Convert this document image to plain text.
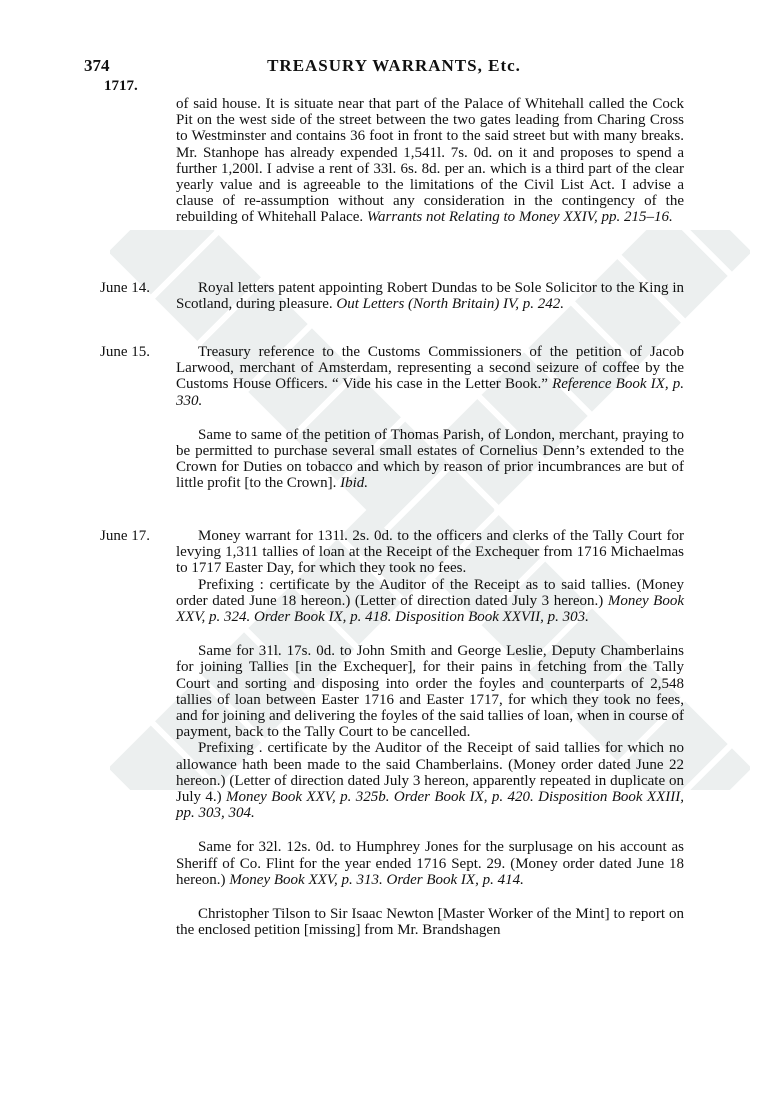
374	TREASURY WARRANTS, Etc.
1717.

of said house. It is situate near that part of the Palace of Whitehall called the Cock Pit on the west side of the street between the two gates leading from Charing Cross to Westminster and contains 36 foot in front to the said street but with many breaks. Mr. Stanhope has already expended 1,541l. 7s. 0d. on it and proposes to spend a further 1,200l. I advise a rent of 33l. 6s. 8d. per an. which is a third part of the clear yearly value and is agreeable to the limitations of the Civil List Act. I advise a clause of re-assumption without any consideration in the contingency of the rebuilding of Whitehall Palace. Warrants not Relating to Money XXIV, pp. 215–16.

June 14.	Royal letters patent appointing Robert Dundas to be Sole Solicitor to the King in Scotland, during pleasure. Out Letters (North Britain) IV, p. 242.

June 15.	Treasury reference to the Customs Commissioners of the petition of Jacob Larwood, merchant of Amsterdam, representing a second seizure of coffee by the Customs House Officers. “ Vide his case in the Letter Book.” Reference Book IX, p. 330.

Same to same of the petition of Thomas Parish, of London, merchant, praying to be permitted to purchase several small estates of Cornelius Denn’s extended to the Crown for Duties on tobacco and which by reason of prior incumbrances are but of little profit [to the Crown]. Ibid.

June 17.	Money warrant for 131l. 2s. 0d. to the officers and clerks of the Tally Court for levying 1,311 tallies of loan at the Receipt of the Exchequer from 1716 Michaelmas to 1717 Easter Day, for which they took no fees.

Prefixing : certificate by the Auditor of the Receipt as to said tallies. (Money order dated June 18 hereon.) (Letter of direction dated July 3 hereon.) Money Book XXV, p. 324. Order Book IX, p. 418. Disposition Book XXVII, p. 303.

Same for 31l. 17s. 0d. to John Smith and George Leslie, Deputy Chamberlains for joining Tallies [in the Exchequer], for their pains in fetching from the Tally Court and sorting and disposing into order the foyles and counterparts of 2,548 tallies of loan between Easter 1716 and Easter 1717, for which they took no fees, and for joining and delivering the foyles of the said tallies of loan, when in course of payment, back to the Tally Court to be cancelled.

Prefixing . certificate by the Auditor of the Receipt of said tallies for which no allowance hath been made to the said Chamberlains. (Money order dated June 22 hereon.) (Letter of direction dated July 3 hereon, apparently repeated in duplicate on July 4.) Money Book XXV, p. 325b. Order Book IX, p. 420. Disposition Book XXIII, pp. 303, 304.

Same for 32l. 12s. 0d. to Humphrey Jones for the surplusage on his account as Sheriff of Co. Flint for the year ended 1716 Sept. 29. (Money order dated June 18 hereon.) Money Book XXV, p. 313. Order Book IX, p. 414.

Christopher Tilson to Sir Isaac Newton [Master Worker of the Mint] to report on the enclosed petition [missing] from Mr. Brandshagen
